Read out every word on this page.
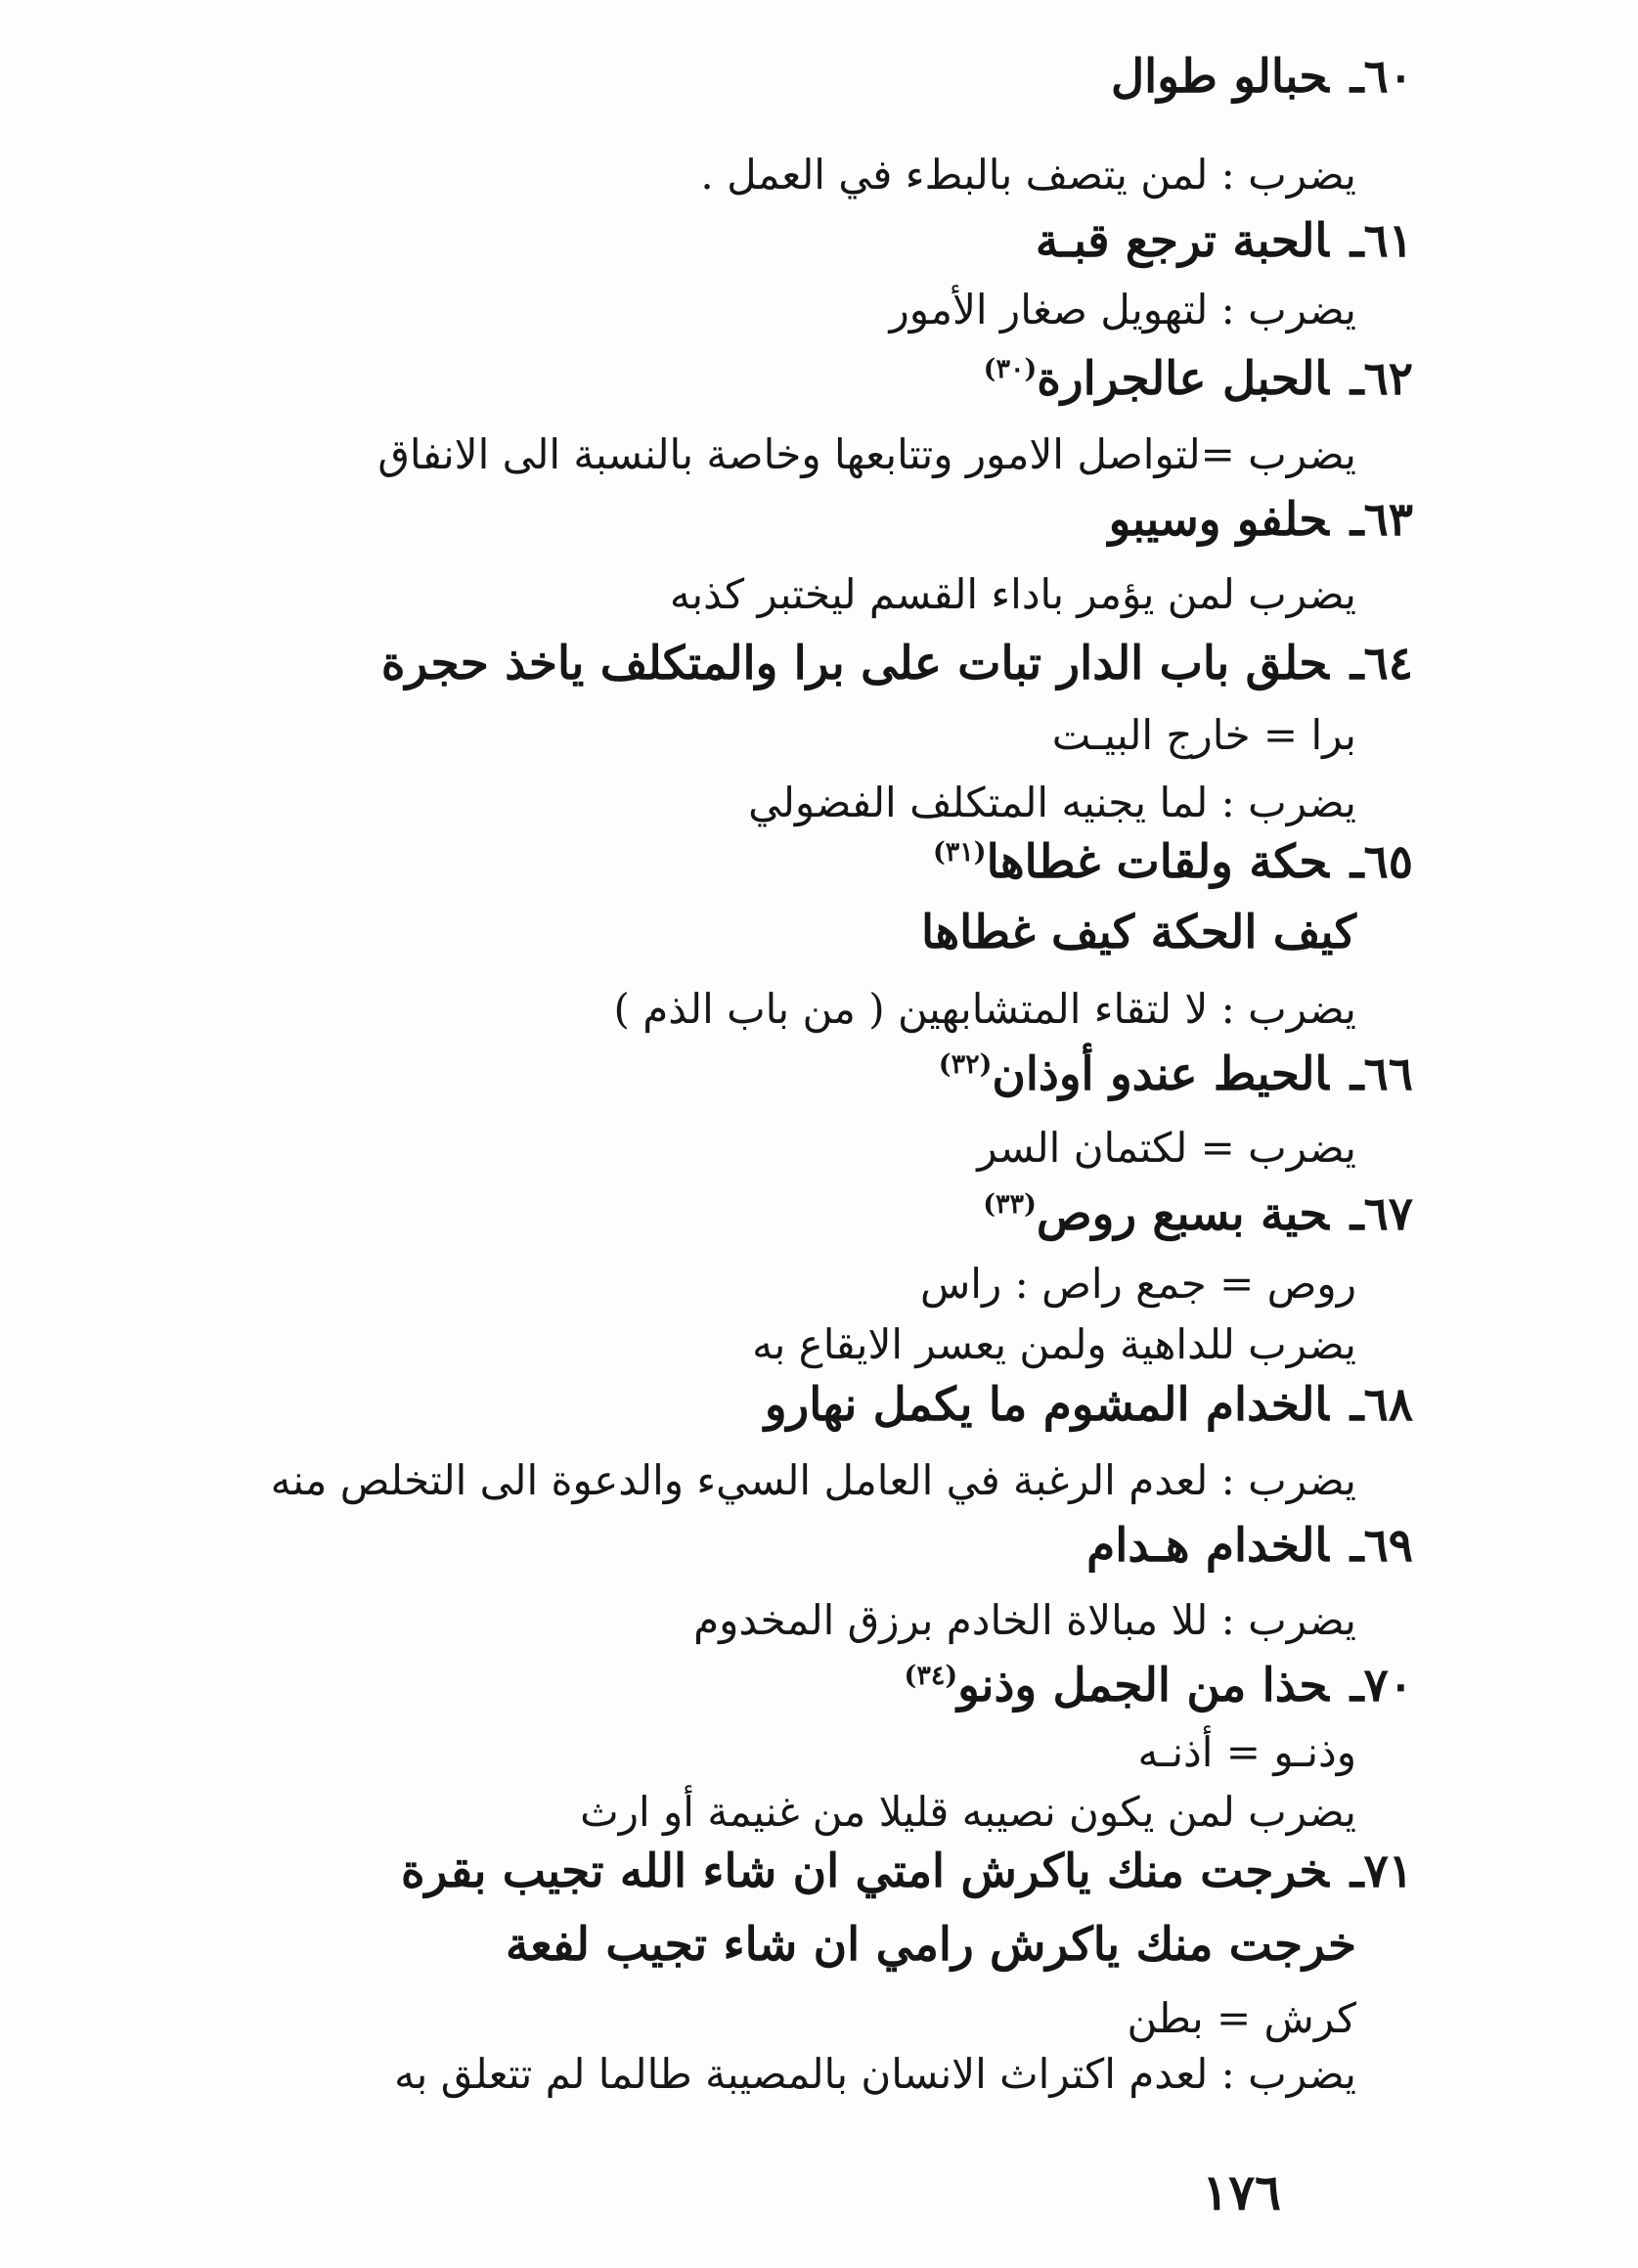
٦٠ـحبالو طوال
يضرب : لمن يتصف بالبطء في العمل .
٦١ـالحبة ترجع قبـة
يضرب : لتهويل صغار الأمور
٦٢ـالحبل عالجرارة$^{(٣٠)}$
يضرب =لتواصل الامور وتتابعها وخاصة بالنسبة الى الانفاق
٦٣ـحلفو وسيبو
يضرب لمن يؤمر باداء القسم ليختبر كذبه
٦٤ـحلق باب الدار تبات على برا والمتكلف ياخذ حجرة
برا = خارج البيـت
يضرب : لما يجنيه المتكلف الفضولي
٦٥ـحكة ولقات غطاها$^{(٣١)}$
كيف الحكة كيف غطاها
يضرب : لا لتقاء المتشابهين ( من باب الذم )
٦٦ـالحيط عندو أوذان$^{(٣٢)}$
يضرب = لكتمان السر
٦٧ـحية بسبع روص$^{(٣٣)}$
روص = جمع راص : راس
يضرب للداهية ولمن يعسر الايقاع به
٦٨ـالخدام المشوم ما يكمل نهارو
يضرب : لعدم الرغبة في العامل السيء والدعوة الى التخلص منه
٦٩ـالخدام هـدام
يضرب : للا مبالاة الخادم برزق المخدوم
٧٠ـحذا من الجمل وذنو$^{(٣٤)}$
وذنـو = أذنـه
يضرب لمن يكون نصيبه قليلا من غنيمة أو ارث
٧١ـخرجت منك ياكرش امتي ان شاء الله تجيب بقرة
خرجت منك ياكرش رامي ان شاء تجيب لفعة
كرش = بطن
يضرب : لعدم اكتراث الانسان بالمصيبة طالما لم تتعلق به
١٧٦
